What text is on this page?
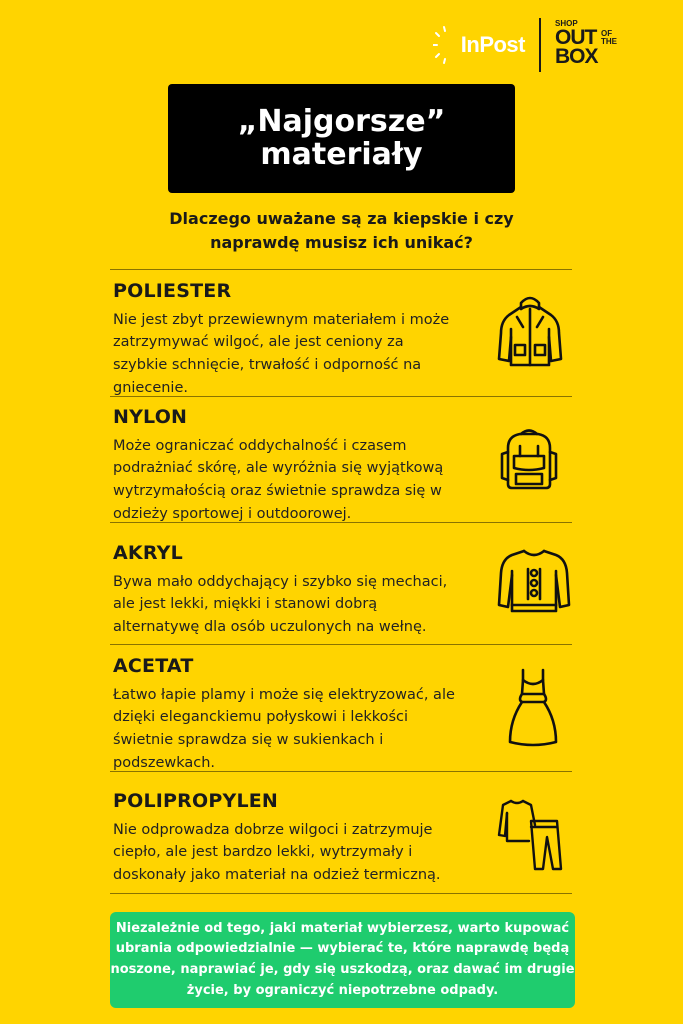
InPost
SHOP
OUT OF THE
BOX
„Najgorsze”
materiały
Dlaczego uważane są za kiepskie i czy
naprawdę musisz ich unikać?
POLIESTER

Nie jest zbyt przewiewnym materiałem i może
zatrzymywać wilgoć, ale jest ceniony za
szybkie schnięcie, trwałość i odporność na
gniecenie.

NYLON

Może ograniczać oddychalność i czasem
podrażniać skórę, ale wyróżnia się wyjątkową
wytrzymałością oraz świetnie sprawdza się w
odzieży sportowej i outdoorowej.

AKRYL

Bywa mało oddychający i szybko się mechaci,
ale jest lekki, miękki i stanowi dobrą
alternatywę dla osób uczulonych na wełnę.

ACETAT

Łatwo łapie plamy i może się elektryzować, ale
dzięki eleganckiemu połyskowi i lekkości
świetnie sprawdza się w sukienkach i
podszewkach.

POLIPROPYLEN

Nie odprowadza dobrze wilgoci i zatrzymuje
ciepło, ale jest bardzo lekki, wytrzymały i
doskonały jako materiał na odzież termiczną.

Niezależnie od tego, jaki materiał wybierzesz, warto kupować
ubrania odpowiedzialnie — wybierać te, które naprawdę będą
noszone, naprawiać je, gdy się uszkodzą, oraz dawać im drugie
życie, by ograniczyć niepotrzebne odpady.
